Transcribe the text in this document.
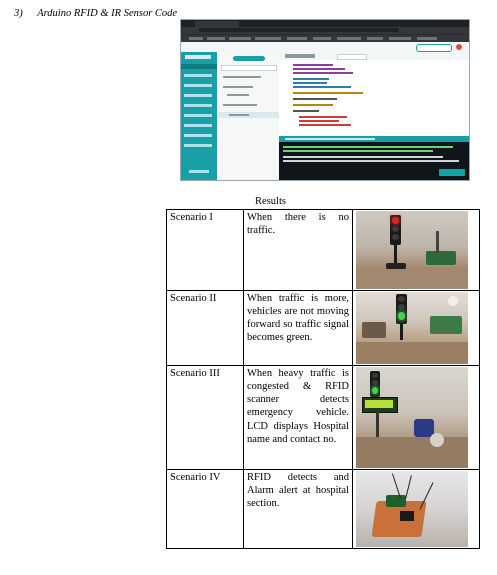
3) Arduino RFID & IR Sensor Code
Results
Scenario I	When there is no traffic.	

Scenario II	When traffic is more, vehicles are not moving forward so traffic signal becomes green.	

Scenario III	When heavy traffic is congested & RFID scanner detects emergency vehicle. LCD displays Hospital name and contact no.	

Scenario IV	RFID detects and Alarm alert at hospital section.	
